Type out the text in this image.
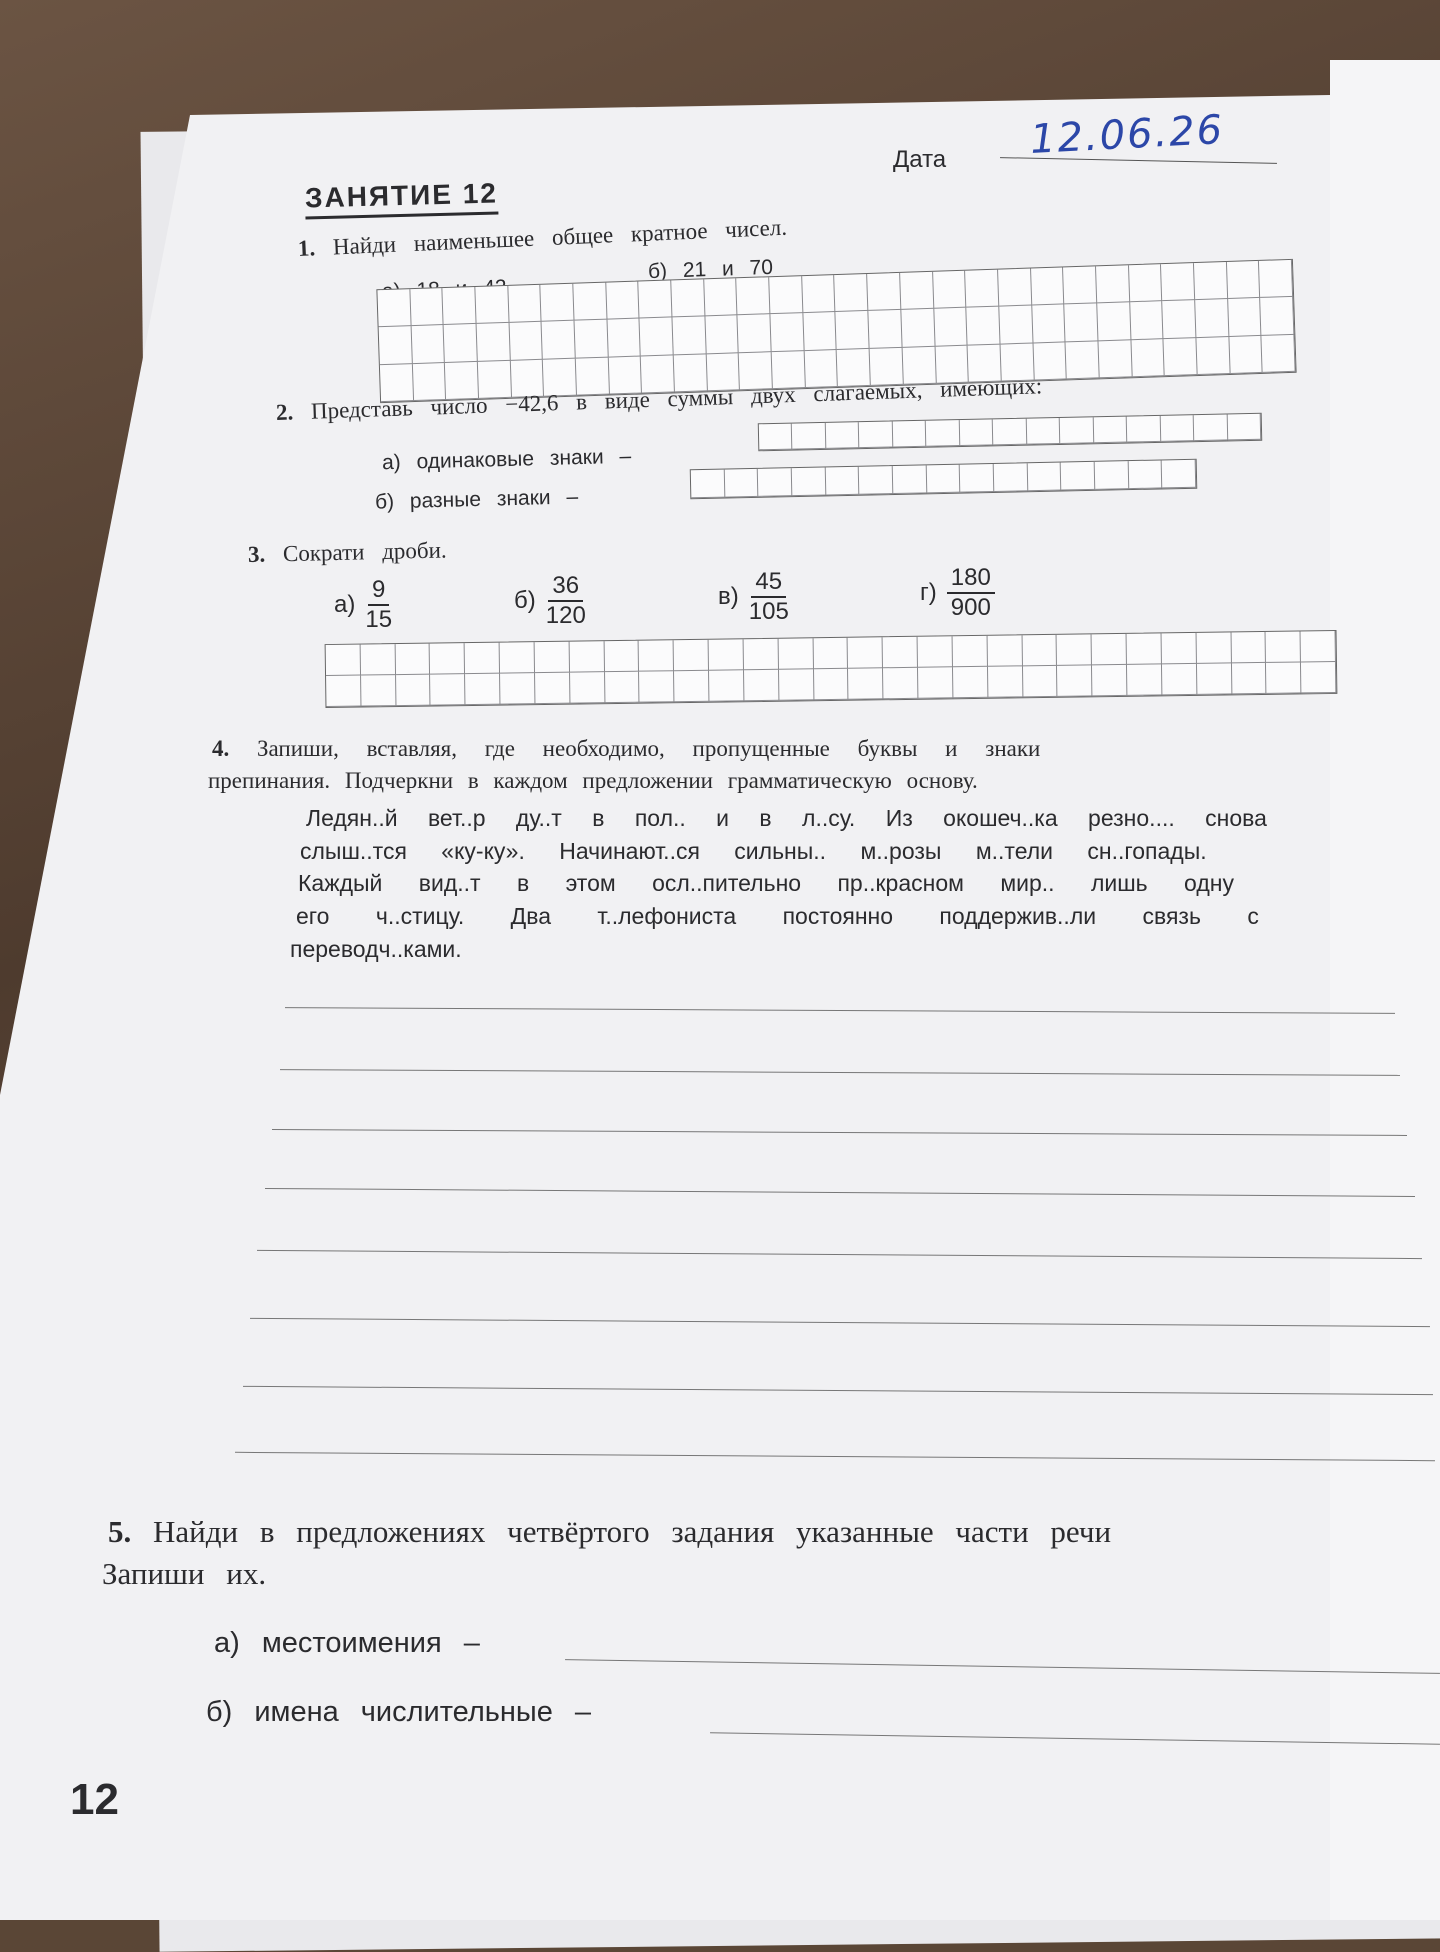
Дата 12.06.26
ЗАНЯТИЕ 12
1. Найди наименьшее общее кратное чисел.
б) 21 и 70
2. Представь число −42,6 в виде суммы двух слагаемых, имеющих:
а) одинаковые знаки –
б) разные знаки –
3. Сократи дроби.
$а) \frac{9}{15}$	$б) \frac{36}{120}$	$в) \frac{45}{105}$	$г) \frac{180}{900}$
4. Запиши, вставляя, где необходимо, пропущенные буквы и знаки
препинания. Подчеркни в каждом предложении грамматическую основу.
Ледян..й вет..р ду..т в пол.. и в л..су. Из окошеч..ка резно.... снова
слыш..тся «ку-ку». Начинают..ся сильны.. м..розы м..тели сн..гопады.
Каждый вид..т в этом осл..пительно пр..красном мир.. лишь одну
его ч..стицу. Два т..лефониста постоянно поддержив..ли связь с
переводч..ками.
5. Найди в предложениях четвёртого задания указанные части речи
Запиши их.
а) местоимения –
б) имена числительные –
12
